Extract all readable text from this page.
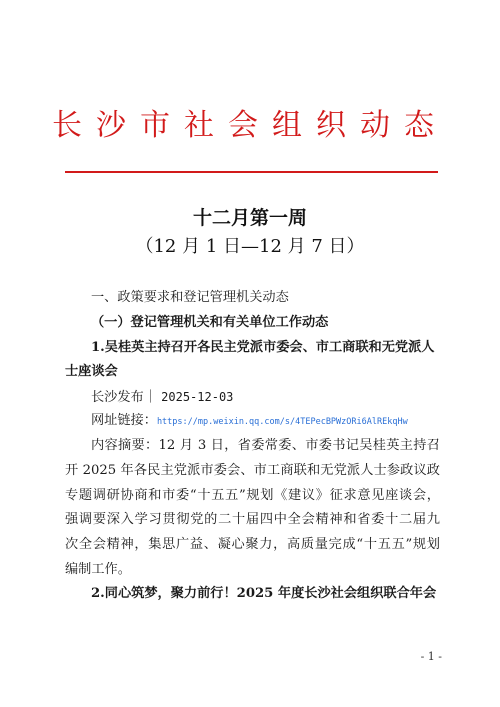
长沙市社会组织动态
十二月第一周
（12 月 1 日—12 月 7 日）
一、政策要求和登记管理机关动态
（一）登记管理机关和有关单位工作动态
1.吴桂英主持召开各民主党派市委会、市工商联和无党派人
士座谈会
长沙发布｜ 2025-12-03
网址链接：https://mp.weixin.qq.com/s/4TEPecBPWzORi6AlREkqHw
内容摘要：12 月 3 日，省委常委、市委书记吴桂英主持召
开 2025 年各民主党派市委会、市工商联和无党派人士参政议政
专题调研协商和市委“十五五”规划《建议》征求意见座谈会，
强调要深入学习贯彻党的二十届四中全会精神和省委十二届九
次全会精神，集思广益、凝心聚力，高质量完成“十五五”规划
编制工作。
2.同心筑梦，聚力前行！2025 年度长沙社会组织联合年会
- 1 -
